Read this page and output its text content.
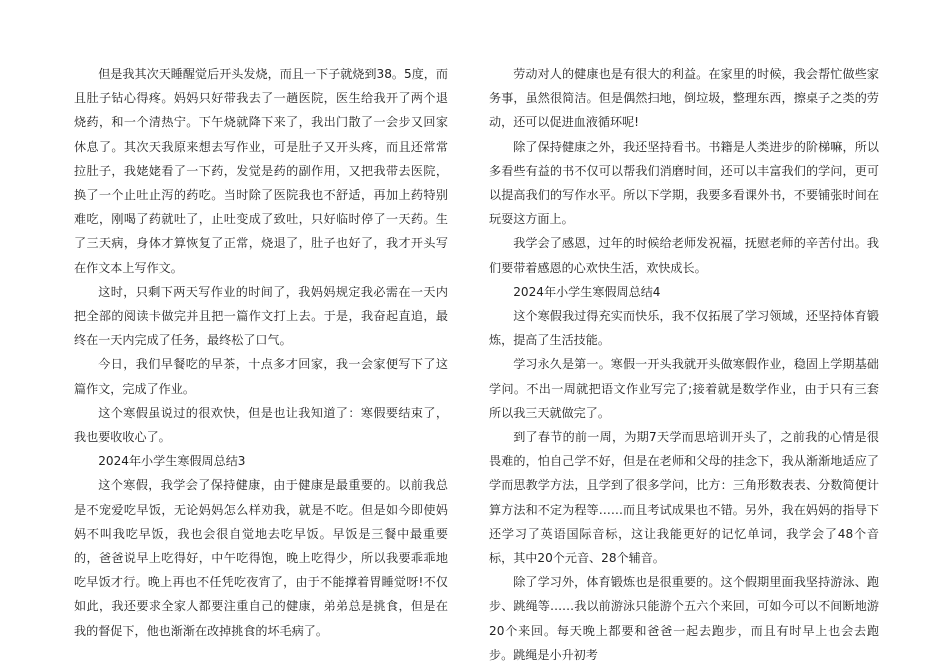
但是我其次天睡醒觉后开头发烧，而且一下子就烧到38。5度，而且肚子钻心得疼。妈妈只好带我去了一趟医院，医生给我开了两个退烧药，和一个清热宁。下午烧就降下来了，我出门散了一会步又回家休息了。其次天我原来想去写作业，可是肚子又开头疼，而且还常常拉肚子，我姥姥看了一下药，发觉是药的副作用，又把我带去医院，换了一个止吐止泻的药吃。当时除了医院我也不舒适，再加上药特别难吃，刚喝了药就吐了，止吐变成了致吐，只好临时停了一天药。生了三天病，身体才算恢复了正常，烧退了，肚子也好了，我才开头写在作文本上写作文。

这时，只剩下两天写作业的时间了，我妈妈规定我必需在一天内把全部的阅读卡做完并且把一篇作文打上去。于是，我奋起直追，最终在一天内完成了任务，最终松了口气。

今日，我们早餐吃的早茶，十点多才回家，我一会家便写下了这篇作文，完成了作业。

这个寒假虽说过的很欢快，但是也让我知道了：寒假要结束了，我也要收收心了。

2024年小学生寒假周总结3

这个寒假，我学会了保持健康，由于健康是最重要的。以前我总是不宠爱吃早饭，无论妈妈怎么样劝我，就是不吃。但是如今即使妈妈不叫我吃早饭，我也会很自觉地去吃早饭。早饭是三餐中最重要的，爸爸说早上吃得好，中午吃得饱，晚上吃得少，所以我要乖乖地吃早饭才行。晚上再也不任凭吃夜宵了，由于不能撑着胃睡觉呀!不仅如此，我还要求全家人都要注重自己的健康，弟弟总是挑食，但是在我的督促下，他也渐渐在改掉挑食的坏毛病了。

劳动对人的健康也是有很大的利益。在家里的时候，我会帮忙做些家务事，虽然很简洁。但是偶然扫地，倒垃圾，整理东西，擦桌子之类的劳动，还可以促进血液循环呢!

除了保持健康之外，我还坚持看书。书籍是人类进步的阶梯嘛，所以多看些有益的书不仅可以帮我们消磨时间，还可以丰富我们的学问，更可以提高我们的写作水平。所以下学期，我要多看课外书，不要铺张时间在玩耍这方面上。

我学会了感恩，过年的时候给老师发祝福，抚慰老师的辛苦付出。我们要带着感恩的心欢快生活，欢快成长。

2024年小学生寒假周总结4

这个寒假我过得充实而快乐，我不仅拓展了学习领域，还坚持体育锻炼，提高了生活技能。

学习永久是第一。寒假一开头我就开头做寒假作业，稳固上学期基础学问。不出一周就把语文作业写完了;接着就是数学作业，由于只有三套所以我三天就做完了。

到了春节的前一周，为期7天学而思培训开头了，之前我的心情是很畏难的，怕自己学不好，但是在老师和父母的挂念下，我从渐渐地适应了学而思教学方法，且学到了很多学问，比方：三角形数表表、分数简便计算方法和不定为程等……而且考试成果也不错。另外，我在妈妈的指导下还学习了英语国际音标，这让我能更好的记忆单词，我学会了48个音标，其中20个元音、28个辅音。

除了学习外，体育锻炼也是很重要的。这个假期里面我坚持游泳、跑步、跳绳等……我以前游泳只能游个五六个来回，可如今可以不间断地游20个来回。每天晚上都要和爸爸一起去跑步，而且有时早上也会去跑步。跳绳是小升初考
